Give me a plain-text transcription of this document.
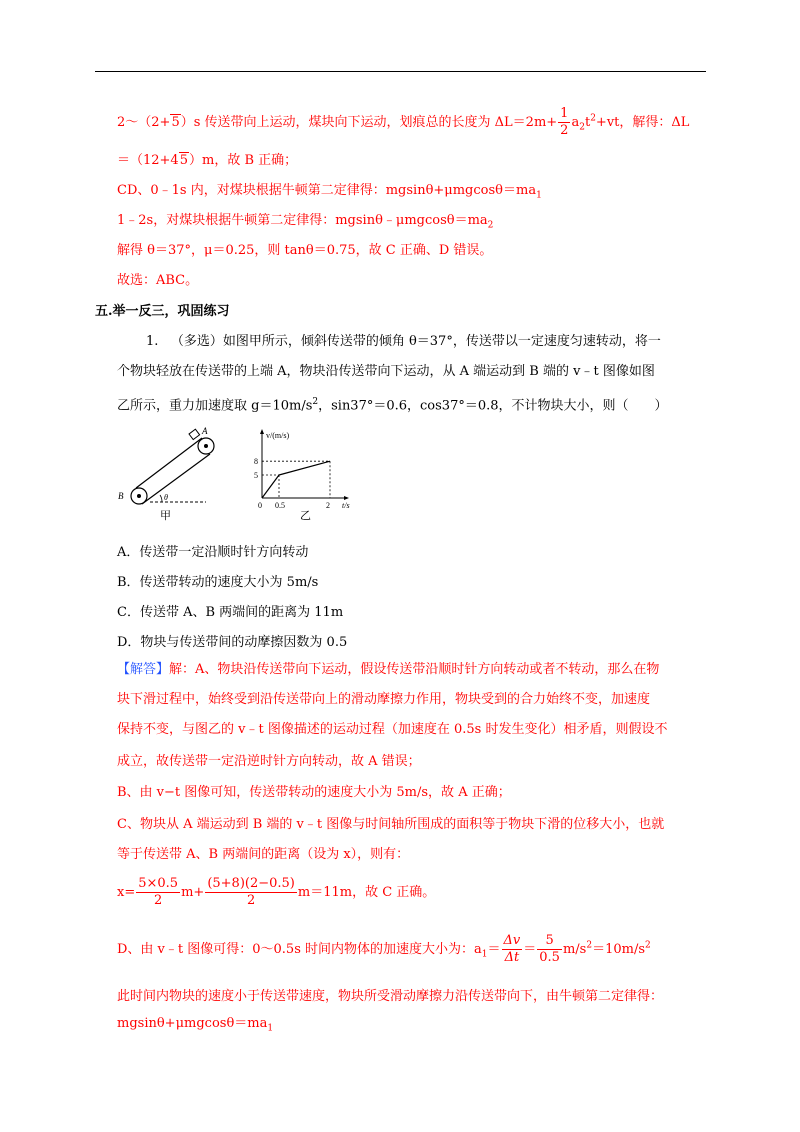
2～（2+5）s 传送带向上运动，煤块向下运动，划痕总的长度为 $\Delta L=2m+ \frac{1}{2} a_2t^2+vt$，解得：ΔL
＝（12+45）m，故 B 正确；
CD、0﹣1s 内，对煤块根据牛顿第二定律得：$mgsin\theta+\mu mgcos\theta=ma_1$
1﹣2s，对煤块根据牛顿第二定律得：$mgsin\theta﹣\mu mgcos\theta=ma_2$
解得 θ＝37°，μ＝0.25，则 tanθ＝0.75，故 C 正确、D 错误。
故选：ABC。
五.举一反三，巩固练习
1. （多选）如图甲所示，倾斜传送带的倾角 θ＝37°，传送带以一定速度匀速转动，将一
个物块轻放在传送带的上端 A，物块沿传送带向下运动，从 A 端运动到 B 端的 v﹣t 图像如图
乙所示，重力加速度取 $g=10m/s^2$，sin37°＝0.6，cos37°＝0.8，不计物块大小，则（　　）
A
B	θ
甲
v/(m/s)
t/s
8
5
0 0.5	2
乙
A．传送带一定沿顺时针方向转动
B．传送带转动的速度大小为 5m/s
C．传送带 A、B 两端间的距离为 11m
D．物块与传送带间的动摩擦因数为 0.5
【解答】解：A、物块沿传送带向下运动，假设传送带沿顺时针方向转动或者不转动，那么在物
块下滑过程中，始终受到沿传送带向上的滑动摩擦力作用，物块受到的合力始终不变，加速度
保持不变，与图乙的 v﹣t 图像描述的运动过程（加速度在 0.5s 时发生变化）相矛盾，则假设不
成立，故传送带一定沿逆时针方向转动，故 A 错误；
B、由 v−t 图像可知，传送带转动的速度大小为 5m/s，故 A 正确；
C、物块从 A 端运动到 B 端的 v﹣t 图像与时间轴所围成的面积等于物块下滑的位移大小，也就
等于传送带 A、B 两端间的距离（设为 x），则有：
$x= \frac{5\times 0.5}{2} m+ \frac{(5+8)(2-0.5)}{2} m=11m$，故 C 正确。
D、由 v﹣t 图像可得：0～0.5s 时间内物体的加速度大小为：$a_1= \frac{\Delta v}{\Delta t} = \frac{5}{0.5} m/s^2=10m/s^2$
此时间内物块的速度小于传送带速度，物块所受滑动摩擦力沿传送带向下，由牛顿第二定律得：
$mgsin\theta+\mu mgcos\theta=ma_1$
